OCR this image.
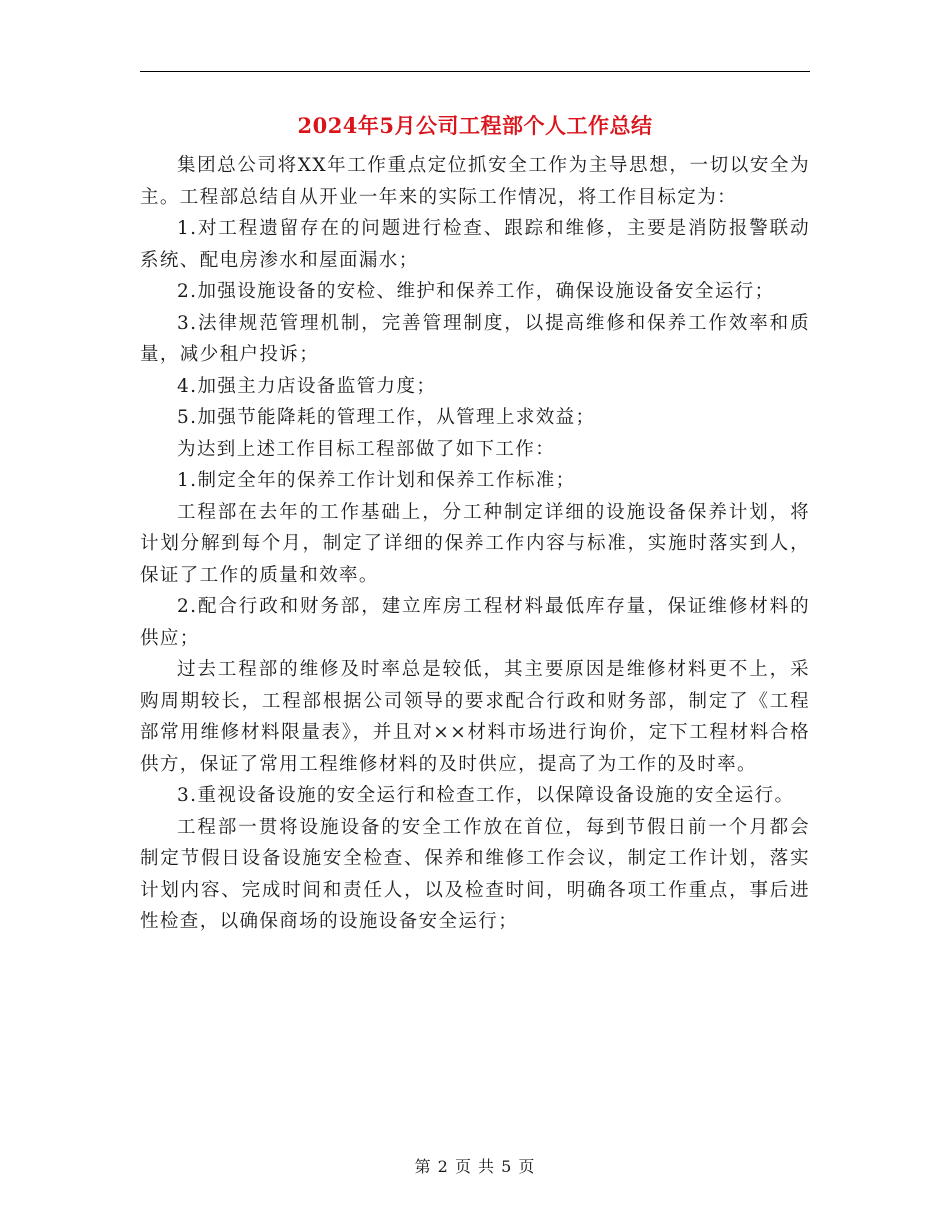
2024年5月公司工程部个人工作总结

集团总公司将XX年工作重点定位抓安全工作为主导思想，一切以安全为主。工程部总结自从开业一年来的实际工作情况，将工作目标定为：

1.对工程遗留存在的问题进行检查、跟踪和维修，主要是消防报警联动系统、配电房渗水和屋面漏水；

2.加强设施设备的安检、维护和保养工作，确保设施设备安全运行；

3.法律规范管理机制，完善管理制度，以提高维修和保养工作效率和质量，减少租户投诉；

4.加强主力店设备监管力度；

5.加强节能降耗的管理工作，从管理上求效益；

为达到上述工作目标工程部做了如下工作：

1.制定全年的保养工作计划和保养工作标准；

工程部在去年的工作基础上，分工种制定详细的设施设备保养计划，将计划分解到每个月，制定了详细的保养工作内容与标准，实施时落实到人，保证了工作的质量和效率。

2.配合行政和财务部，建立库房工程材料最低库存量，保证维修材料的供应；

过去工程部的维修及时率总是较低，其主要原因是维修材料更不上，采购周期较长，工程部根据公司领导的要求配合行政和财务部，制定了《工程部常用维修材料限量表》，并且对××材料市场进行询价，定下工程材料合格供方，保证了常用工程维修材料的及时供应，提高了为工作的及时率。

3.重视设备设施的安全运行和检查工作，以保障设备设施的安全运行。

工程部一贯将设施设备的安全工作放在首位，每到节假日前一个月都会制定节假日设备设施安全检查、保养和维修工作会议，制定工作计划，落实计划内容、完成时间和责任人，以及检查时间，明确各项工作重点，事后进性检查，以确保商场的设施设备安全运行；

第 2 页 共 5 页
